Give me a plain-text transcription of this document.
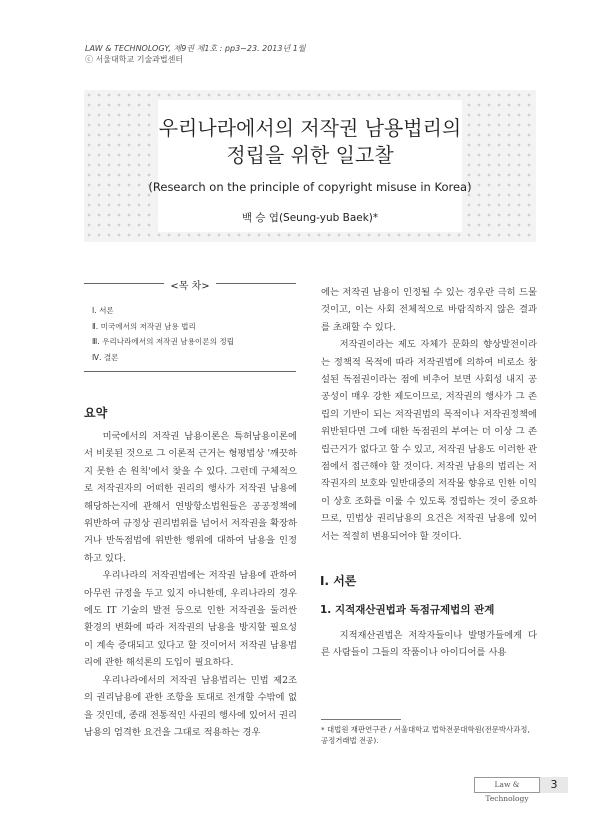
LAW & TECHNOLOGY, 제9권 제1호 : pp3∼23. 2013년 1월
ⓒ 서울대학교 기술과법센터
우리나라에서의 저작권 남용법리의
정립을 위한 일고찰
(Research on the principle of copyright misuse in Korea)
백 승 엽(Seung-yub Baek)*
<목 차>
Ⅰ. 서론
Ⅱ. 미국에서의 저작권 남용 법리
Ⅲ. 우리나라에서의 저작권 남용이론의 정립
Ⅳ. 결론
요약

미국에서의 저작권 남용이론은 특허남용이론에서 비롯된 것으로 그 이론적 근거는 형평법상 '깨끗하지 못한 손 원칙'에서 찾을 수 있다. 그런데 구체적으로 저작권자의 어떠한 권리의 행사가 저작권 남용에 해당하는지에 관해서 연방항소법원들은 공공정책에 위반하여 규정상 권리범위를 넘어서 저작권을 확장하거나 반독점법에 위반한 행위에 대하여 남용을 인정하고 있다.

우리나라의 저작권법에는 저작권 남용에 관하여 아무런 규정을 두고 있지 아니한데, 우리나라의 경우에도 IT 기술의 발전 등으로 인한 저작권을 둘러싼 환경의 변화에 따라 저작권의 남용을 방지할 필요성이 계속 증대되고 있다고 할 것이어서 저작권 남용법리에 관한 해석론의 도입이 필요하다.

우리나라에서의 저작권 남용법리는 민법 제2조의 권리남용에 관한 조항을 토대로 전개할 수밖에 없을 것인데, 종래 전통적인 사권의 행사에 있어서 권리남용의 엄격한 요건을 그대로 적용하는 경우

에는 저작권 남용이 인정될 수 있는 경우란 극히 드물 것이고, 이는 사회 전체적으로 바람직하지 않은 결과를 초래할 수 있다.

저작권이라는 제도 자체가 문화의 향상발전이라는 정책적 목적에 따라 저작권법에 의하여 비로소 창설된 독점권이라는 점에 비추어 보면 사회성 내지 공공성이 매우 강한 제도이므로, 저작권의 행사가 그 존립의 기반이 되는 저작권법의 목적이나 저작권정책에 위반된다면 그에 대한 독점권의 부여는 더 이상 그 존립근거가 없다고 할 수 있고, 저작권 남용도 이러한 관점에서 접근해야 할 것이다. 저작권 남용의 법리는 저작권자의 보호와 일반대중의 저작물 향유로 인한 이익이 상호 조화를 이룰 수 있도록 정립하는 것이 중요하므로, 민법상 권리남용의 요건은 저작권 남용에 있어서는 적절히 변용되어야 할 것이다.

Ⅰ. 서론
1. 지적재산권법과 독점규제법의 관계

지적재산권법은 저작자들이나 발명가들에게 다른 사람들이 그들의 작품이나 아이디어를 사용

* 대법원 재판연구관 / 서울대학교 법학전문대학원(전문박사과정, 공정거래법 전공).
Law & Technology
3
